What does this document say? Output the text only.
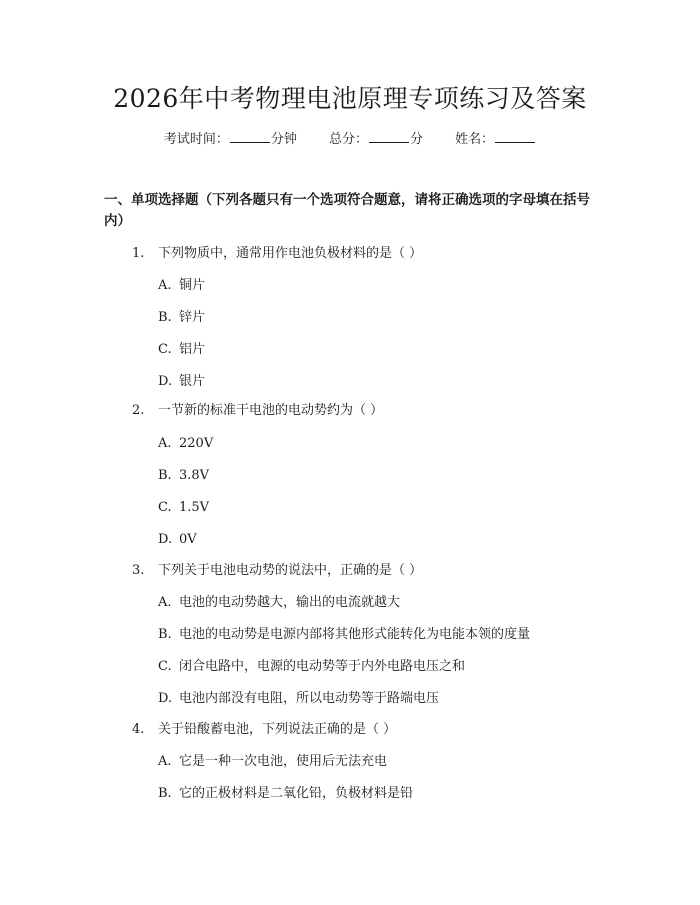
2026年中考物理电池原理专项练习及答案
考试时间：	分钟 总分：	分 姓名：
一、单项选择题（下列各题只有一个选项符合题意，请将正确选项的字母填在括号内）
1. 下列物质中，通常用作电池负极材料的是（ ）
A. 铜片
B. 锌片
C. 铝片
D. 银片
2. 一节新的标准干电池的电动势约为（ ）
A. 220V
B. 3.8V
C. 1.5V
D. 0V
3. 下列关于电池电动势的说法中，正确的是（ ）
A. 电池的电动势越大，输出的电流就越大
B. 电池的电动势是电源内部将其他形式能转化为电能本领的度量
C. 闭合电路中，电源的电动势等于内外电路电压之和
D. 电池内部没有电阻，所以电动势等于路端电压
4. 关于铅酸蓄电池，下列说法正确的是（ ）
A. 它是一种一次电池，使用后无法充电
B. 它的正极材料是二氧化铅，负极材料是铅
